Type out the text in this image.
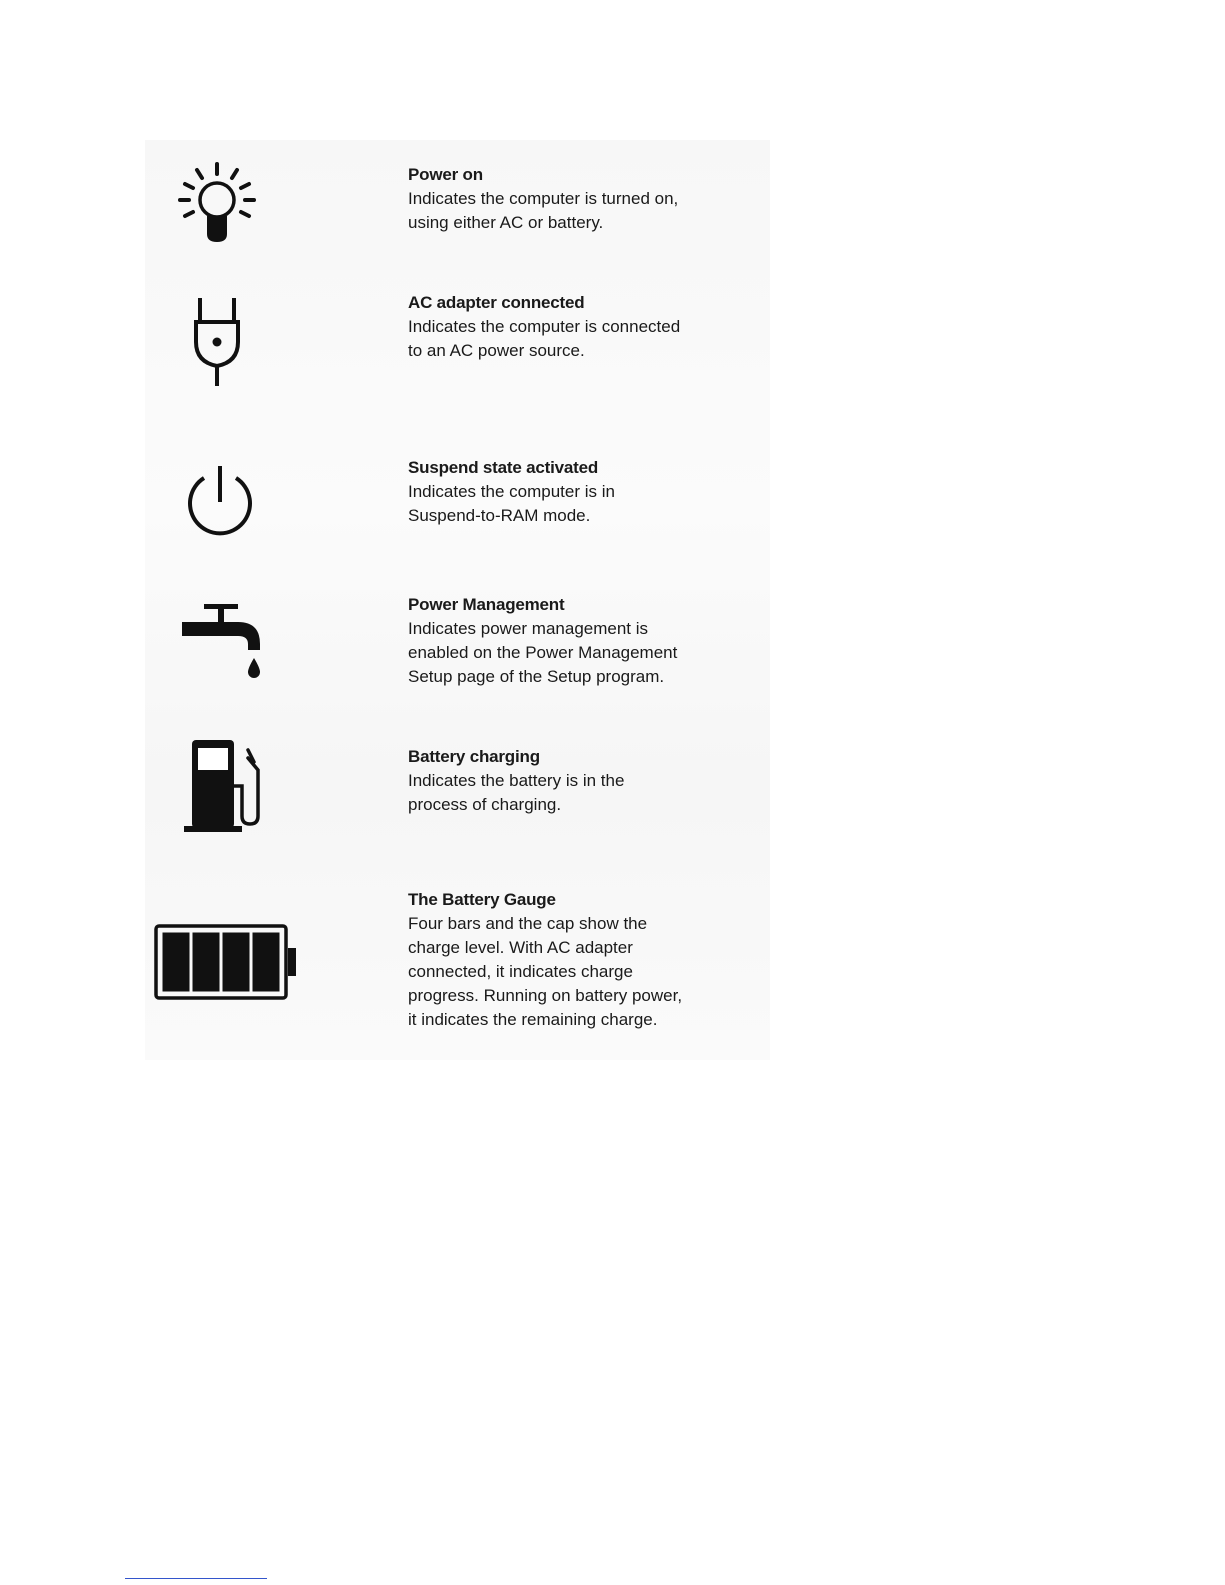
Power on
Indicates the computer is turned on,
using either AC or battery.
AC adapter connected
Indicates the computer is connected
to an AC power source.
Suspend state activated
Indicates the computer is in
Suspend-to-RAM mode.
Power Management
Indicates power management is
enabled on the Power Management
Setup page of the Setup program.
Battery charging
Indicates the battery is in the
process of charging.
The Battery Gauge
Four bars and the cap show the
charge level. With AC adapter
connected, it indicates charge
progress. Running on battery power,
it indicates the remaining charge.
